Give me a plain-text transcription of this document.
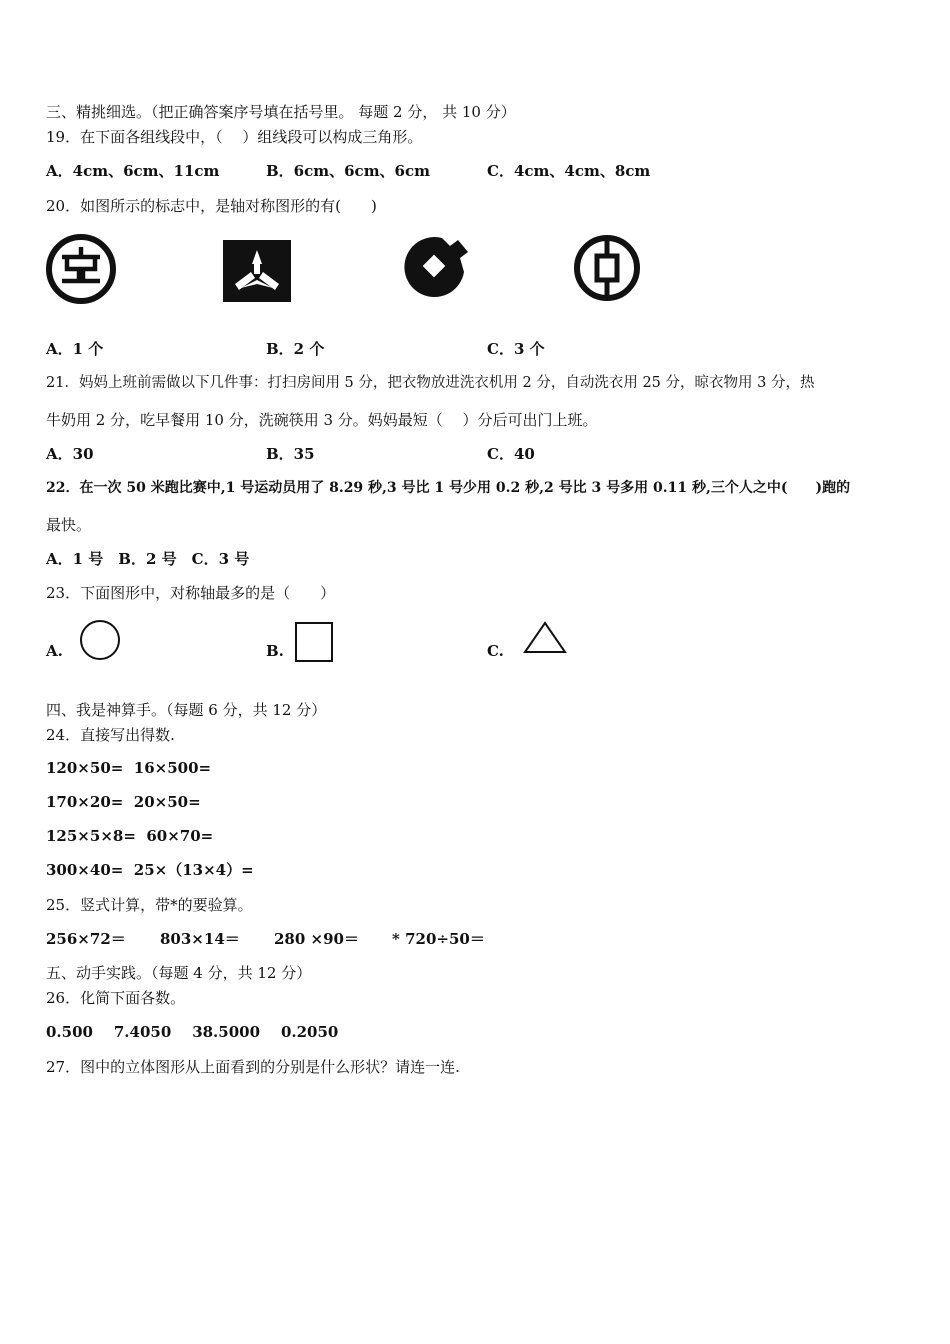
三、精挑细选。（把正确答案序号填在括号里。 每题 2 分， 共 10 分）
19．在下面各组线段中，（　 ）组线段可以构成三角形。
A．4cm、6cm、11cm	B．6cm、6cm、6cm	C．4cm、4cm、8cm
20．如图所示的标志中，是轴对称图形的有(　　)
A．1 个	B．2 个	C．3 个
21．妈妈上班前需做以下几件事：打扫房间用 5 分，把衣物放进洗衣机用 2 分，自动洗衣用 25 分，晾衣物用 3 分，热
牛奶用 2 分，吃早餐用 10 分，洗碗筷用 3 分。妈妈最短（　 ）分后可出门上班。
A．30	B．35	C．40
22．在一次 50 米跑比赛中,1 号运动员用了 8.29 秒,3 号比 1 号少用 0.2 秒,2 号比 3 号多用 0.11 秒,三个人之中(　　)跑的
最快。
A．1 号　B．2 号　C．3 号
23．下面图形中，对称轴最多的是（　　）
A.	B.	C.
四、我是神算手。（每题 6 分，共 12 分）
24．直接写出得数.
120×50= 16×500=
170×20= 20×50=
125×5×8= 60×70=
300×40= 25×（13×4）=
25．竖式计算，带*的要验算。
256×72＝ 803×14＝ 280 ×90＝ * 720÷50＝
五、动手实践。（每题 4 分，共 12 分）
26．化简下面各数。
0.500 7.4050 38.5000 0.2050
27．图中的立体图形从上面看到的分别是什么形状？请连一连.
